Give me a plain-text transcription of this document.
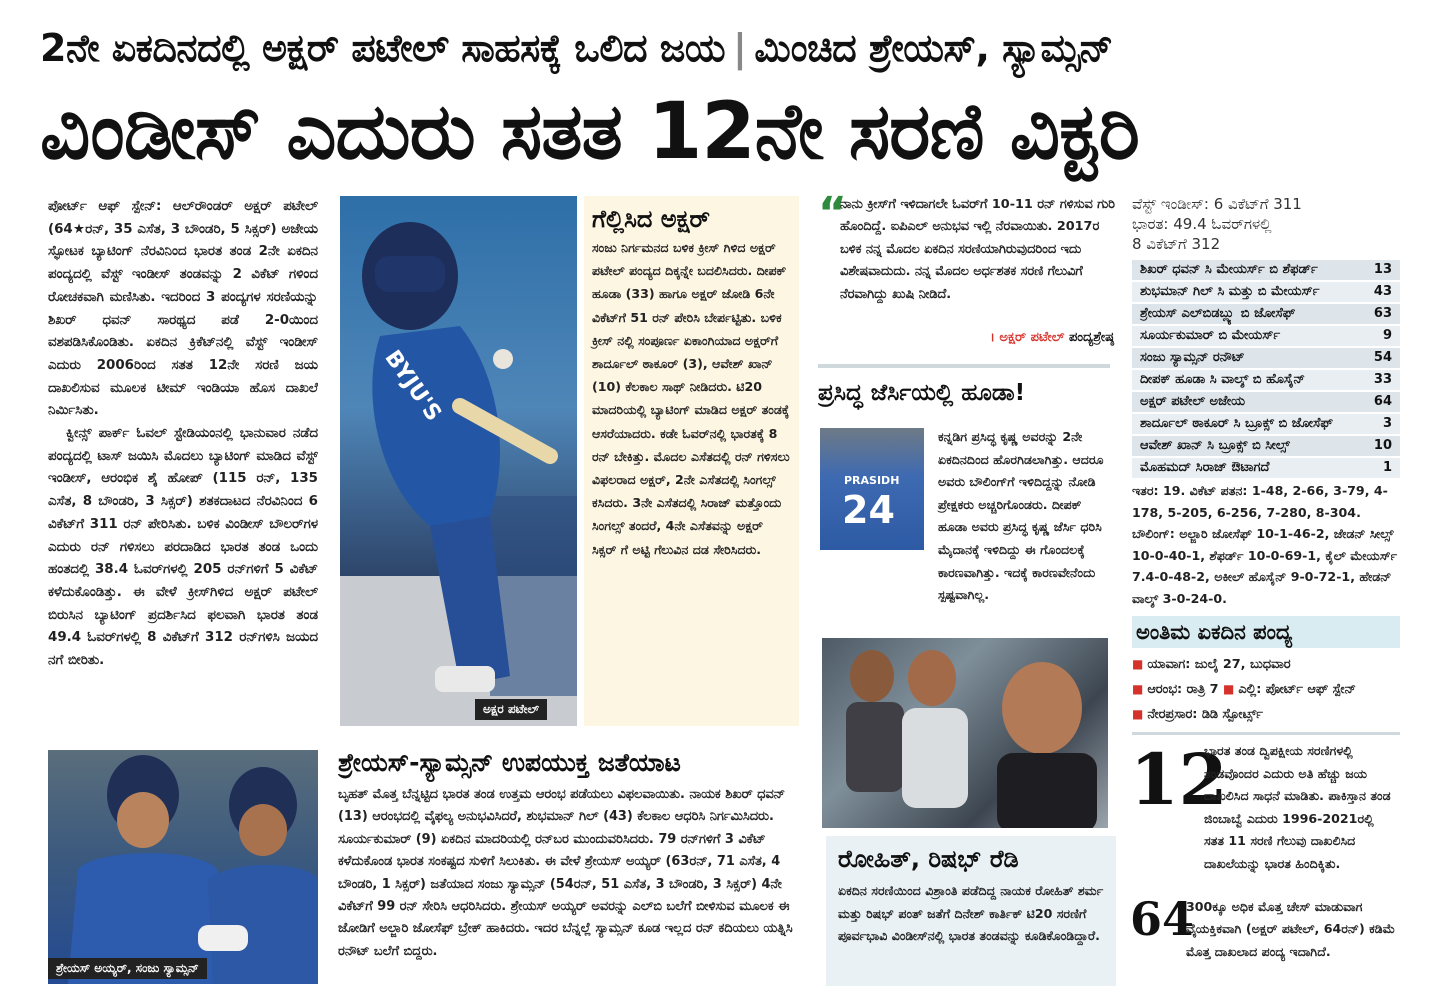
2ನೇ ಏಕದಿನದಲ್ಲಿ ಅಕ್ಷರ್ ಪಟೇಲ್ ಸಾಹಸಕ್ಕೆ ಒಲಿದ ಜಯ | ಮಿಂಚಿದ ಶ್ರೇಯಸ್, ಸ್ಯಾಮ್ಸನ್
ವಿಂಡೀಸ್ ಎದುರು ಸತತ 12ನೇ ಸರಣಿ ವಿಕ್ಟರಿ

ಪೋರ್ಟ್ ಆಫ್ ಸ್ಪೇನ್: ಆಲ್‌ರೌಂಡರ್ ಅಕ್ಷರ್ ಪಟೇಲ್ (64★ರನ್, 35 ಎಸೆತ, 3 ಬೌಂಡರಿ, 5 ಸಿಕ್ಸರ್) ಅಜೇಯ ಸ್ಫೋಟಕ ಬ್ಯಾಟಿಂಗ್ ನೆರವಿನಿಂದ ಭಾರತ ತಂಡ 2ನೇ ಏಕದಿನ ಪಂದ್ಯದಲ್ಲಿ ವೆಸ್ಟ್ ಇಂಡೀಸ್ ತಂಡವನ್ನು 2 ವಿಕೆಟ್ ಗಳಿಂದ ರೋಚಕವಾಗಿ ಮಣಿಸಿತು. ಇದರಿಂದ 3 ಪಂದ್ಯಗಳ ಸರಣಿಯನ್ನು ಶಿಖರ್ ಧವನ್ ಸಾರಥ್ಯದ ಪಡೆ 2-0ಯಿಂದ ವಶಪಡಿಸಿಕೊಂಡಿತು. ಏಕದಿನ ಕ್ರಿಕೆಟ್‌ನಲ್ಲಿ ವೆಸ್ಟ್ ಇಂಡೀಸ್ ಎದುರು 2006ರಿಂದ ಸತತ 12ನೇ ಸರಣಿ ಜಯ ದಾಖಲಿಸುವ ಮೂಲಕ ಟೀಮ್ ಇಂಡಿಯಾ ಹೊಸ ದಾಖಲೆ ನಿರ್ಮಿಸಿತು.

ಕ್ವೀನ್ಸ್ ಪಾರ್ಕ್ ಓವಲ್ ಸ್ಟೇಡಿಯಂನಲ್ಲಿ ಭಾನುವಾರ ನಡೆದ ಪಂದ್ಯದಲ್ಲಿ ಟಾಸ್ ಜಯಿಸಿ ಮೊದಲು ಬ್ಯಾಟಿಂಗ್ ಮಾಡಿದ ವೆಸ್ಟ್ ಇಂಡೀಸ್, ಆರಂಭಿಕ ಶೈ ಹೋಪ್ (115 ರನ್, 135 ಎಸೆತ, 8 ಬೌಂಡರಿ, 3 ಸಿಕ್ಸರ್) ಶತಕದಾಟದ ನೆರವಿನಿಂದ 6 ವಿಕೆಟ್‌ಗೆ 311 ರನ್ ಪೇರಿಸಿತು. ಬಳಿಕ ವಿಂಡೀಸ್ ಬೌಲರ್‌ಗಳ ಎದುರು ರನ್ ಗಳಿಸಲು ಪರದಾಡಿದ ಭಾರತ ತಂಡ ಒಂದು ಹಂತದಲ್ಲಿ 38.4 ಓವರ್‌ಗಳಲ್ಲಿ 205 ರನ್‌ಗಳಿಗೆ 5 ವಿಕೆಟ್ ಕಳೆದುಕೊಂಡಿತ್ತು. ಈ ವೇಳೆ ಕ್ರೀಸ್‌ಗಿಳಿದ ಅಕ್ಷರ್ ಪಟೇಲ್ ಬಿರುಸಿನ ಬ್ಯಾಟಿಂಗ್ ಪ್ರದರ್ಶಿಸಿದ ಫಲವಾಗಿ ಭಾರತ ತಂಡ 49.4 ಓವರ್‌ಗಳಲ್ಲಿ 8 ವಿಕೆಟ್‌ಗೆ 312 ರನ್‌ಗಳಿಸಿ ಜಯದ ನಗೆ ಬೀರಿತು.

BYJU'S
ಅಕ್ಷರ ಪಟೇಲ್
ಗೆಲ್ಲಿಸಿದ ಅಕ್ಷರ್
ಸಂಜು ನಿರ್ಗಮನದ ಬಳಿಕ ಕ್ರೀಸ್ ಗಿಳಿದ ಅಕ್ಷರ್ ಪಟೇಲ್ ಪಂದ್ಯದ ದಿಕ್ಕನ್ನೇ ಬದಲಿಸಿದರು. ದೀಪಕ್ ಹೂಡಾ (33) ಹಾಗೂ ಅಕ್ಷರ್ ಜೋಡಿ 6ನೇ ವಿಕೆಟ್‌ಗೆ 51 ರನ್ ಪೇರಿಸಿ ಬೇರ್ಪಟ್ಟಿತು. ಬಳಿಕ ಕ್ರೀಸ್ ನಲ್ಲಿ ಸಂಪೂರ್ಣ ಏಕಾಂಗಿಯಾದ ಅಕ್ಷರ್‌ಗೆ ಶಾರ್ದೂಲ್ ಠಾಕೂರ್ (3), ಆವೇಶ್ ಖಾನ್ (10) ಕೆಲಕಾಲ ಸಾಥ್ ನೀಡಿದರು. ಟಿ20 ಮಾದರಿಯಲ್ಲಿ ಬ್ಯಾಟಿಂಗ್ ಮಾಡಿದ ಅಕ್ಷರ್ ತಂಡಕ್ಕೆ ಆಸರೆಯಾದರು. ಕಡೇ ಓವರ್‌ನಲ್ಲಿ ಭಾರತಕ್ಕೆ 8 ರನ್ ಬೇಕಿತ್ತು. ಮೊದಲ ಎಸೆತದಲ್ಲಿ ರನ್ ಗಳಿಸಲು ವಿಫಲರಾದ ಅಕ್ಷರ್, 2ನೇ ಎಸೆತದಲ್ಲಿ ಸಿಂಗಲ್ಸ್ ಕಸಿದರು. 3ನೇ ಎಸೆತದಲ್ಲಿ ಸಿರಾಜ್ ಮತ್ತೊಂದು ಸಿಂಗಲ್ಸ್ ತಂದರೆ, 4ನೇ ಎಸೆತವನ್ನು ಅಕ್ಷರ್ ಸಿಕ್ಸರ್ ಗೆ ಅಟ್ಟಿ ಗೆಲುವಿನ ದಡ ಸೇರಿಸಿದರು.
“
ನಾನು ಕ್ರೀಸ್‌ಗೆ ಇಳಿದಾಗಲೇ ಓವರ್‌ಗೆ 10-11 ರನ್ ಗಳಿಸುವ ಗುರಿ ಹೊಂದಿದ್ದೆ. ಐಪಿಎಲ್ ಅನುಭವ ಇಲ್ಲಿ ನೆರವಾಯಿತು. 2017ರ ಬಳಿಕ ನನ್ನ ಮೊದಲ ಏಕದಿನ ಸರಣಿಯಾಗಿರುವುದರಿಂದ ಇದು ವಿಶೇಷವಾದುದು. ನನ್ನ ಮೊದಲ ಅರ್ಧಶತಕ ಸರಣಿ ಗೆಲುವಿಗೆ ನೆರವಾಗಿದ್ದು ಖುಷಿ ನೀಡಿದೆ.
। ಅಕ್ಷರ್ ಪಟೇಲ್ ಪಂದ್ಯಶ್ರೇಷ್ಠ
ಪ್ರಸಿದ್ಧ ಜೆರ್ಸಿಯಲ್ಲಿ ಹೂಡಾ!
PRASIDH
24
ಕನ್ನಡಿಗ ಪ್ರಸಿದ್ಧ ಕೃಷ್ಣ ಅವರನ್ನು 2ನೇ ಏಕದಿನದಿಂದ ಹೊರಗಿಡಲಾಗಿತ್ತು. ಆದರೂ ಅವರು ಬೌಲಿಂಗ್‌ಗೆ ಇಳಿದಿದ್ದನ್ನು ನೋಡಿ ಪ್ರೇಕ್ಷಕರು ಅಚ್ಚರಿಗೊಂಡರು. ದೀಪಕ್ ಹೂಡಾ ಅವರು ಪ್ರಸಿದ್ಧ ಕೃಷ್ಣ ಜೆರ್ಸಿ ಧರಿಸಿ ಮೈದಾನಕ್ಕೆ ಇಳಿದಿದ್ದು ಈ ಗೊಂದಲಕ್ಕೆ ಕಾರಣವಾಗಿತ್ತು. ಇದಕ್ಕೆ ಕಾರಣವೇನೆಂದು ಸ್ಪಷ್ಟವಾಗಿಲ್ಲ.
ರೋಹಿತ್, ರಿಷಭ್ ರೆಡಿ
ಏಕದಿನ ಸರಣಿಯಿಂದ ವಿಶ್ರಾಂತಿ ಪಡೆದಿದ್ದ ನಾಯಕ ರೋಹಿತ್ ಶರ್ಮ ಮತ್ತು ರಿಷಭ್ ಪಂತ್ ಜತೆಗೆ ದಿನೇಶ್ ಕಾರ್ತಿಕ್ ಟಿ20 ಸರಣಿಗೆ ಪೂರ್ವಭಾವಿ ವಿಂಡೀಸ್‌ನಲ್ಲಿ ಭಾರತ ತಂಡವನ್ನು ಕೂಡಿಕೊಂಡಿದ್ದಾರೆ.
ಶ್ರೇಯಸ್ ಅಯ್ಯರ್, ಸಂಜು ಸ್ಯಾಮ್ಸನ್
ಶ್ರೇಯಸ್-ಸ್ಯಾಮ್ಸನ್ ಉಪಯುಕ್ತ ಜತೆಯಾಟ
ಬೃಹತ್ ಮೊತ್ತ ಬೆನ್ನಟ್ಟಿದ ಭಾರತ ತಂಡ ಉತ್ತಮ ಆರಂಭ ಪಡೆಯಲು ವಿಫಲವಾಯಿತು. ನಾಯಕ ಶಿಖರ್ ಧವನ್ (13) ಆರಂಭದಲ್ಲಿ ವೈಫಲ್ಯ ಅನುಭವಿಸಿದರೆ, ಶುಭಮಾನ್ ಗಿಲ್ (43) ಕೆಲಕಾಲ ಆಧರಿಸಿ ನಿರ್ಗಮಿಸಿದರು. ಸೂರ್ಯಕುಮಾರ್ (9) ಏಕದಿನ ಮಾದರಿಯಲ್ಲಿ ರನ್‌ಬರ ಮುಂದುವರಿಸಿದರು. 79 ರನ್‌ಗಳಿಗೆ 3 ವಿಕೆಟ್ ಕಳೆದುಕೊಂಡ ಭಾರತ ಸಂಕಷ್ಟದ ಸುಳಿಗೆ ಸಿಲುಕಿತು. ಈ ವೇಳೆ ಶ್ರೇಯಸ್ ಅಯ್ಯರ್ (63ರನ್, 71 ಎಸೆತ, 4 ಬೌಂಡರಿ, 1 ಸಿಕ್ಸರ್) ಜತೆಯಾದ ಸಂಜು ಸ್ಯಾಮ್ಸನ್ (54ರನ್, 51 ಎಸೆತ, 3 ಬೌಂಡರಿ, 3 ಸಿಕ್ಸರ್) 4ನೇ ವಿಕೆಟ್‌ಗೆ 99 ರನ್ ಸೇರಿಸಿ ಆಧರಿಸಿದರು. ಶ್ರೇಯಸ್ ಅಯ್ಯರ್ ಅವರನ್ನು ಎಲ್‌ಬಿ ಬಲೆಗೆ ಬೀಳಿಸುವ ಮೂಲಕ ಈ ಜೋಡಿಗೆ ಅಲ್ಜಾರಿ ಜೋಸೆಫ್ ಬ್ರೇಕ್ ಹಾಕಿದರು. ಇದರ ಬೆನ್ನಲ್ಲೆ ಸ್ಯಾಮ್ಸನ್ ಕೂಡ ಇಲ್ಲದ ರನ್ ಕದಿಯಲು ಯತ್ನಿಸಿ ರನೌಟ್ ಬಲೆಗೆ ಬಿದ್ದರು.
ವೆಸ್ಟ್ ಇಂಡೀಸ್: 6 ವಿಕೆಟ್‌ಗೆ 311
ಭಾರತ: 49.4 ಓವರ್‌ಗಳಲ್ಲಿ
8 ವಿಕೆಟ್‌ಗೆ 312
ಶಿಖರ್ ಧವನ್ ಸಿ ಮೇಯರ್ಸ್ ಬಿ ಶೆಫರ್ಡ್	13
ಶುಭಮಾನ್ ಗಿಲ್ ಸಿ ಮತ್ತು ಬಿ ಮೇಯರ್ಸ್	43
ಶ್ರೇಯಸ್ ಎಲ್‌ಬಿಡಬ್ಲ್ಯು ಬಿ ಜೋಸೆಫ್	63
ಸೂರ್ಯಕುಮಾರ್ ಬಿ ಮೇಯರ್ಸ್	9
ಸಂಜು ಸ್ಯಾಮ್ಸನ್ ರನೌಟ್	54
ದೀಪಕ್ ಹೂಡಾ ಸಿ ವಾಲ್ಶ್ ಬಿ ಹೊಸೈನ್	33
ಅಕ್ಷರ್ ಪಟೇಲ್ ಅಜೇಯ	64
ಶಾರ್ದೂಲ್ ಠಾಕೂರ್ ಸಿ ಬ್ರೂಕ್ಸ್ ಬಿ ಜೋಸೆಫ್	3
ಆವೇಶ್ ಖಾನ್ ಸಿ ಬ್ರೂಕ್ಸ್ ಬಿ ಸೀಲ್ಸ್	10
ಮೊಹಮದ್ ಸಿರಾಜ್ ಔಟಾಗದೆ	1
ಇತರ: 19. ವಿಕೆಟ್ ಪತನ: 1-48, 2-66, 3-79, 4-178, 5-205, 6-256, 7-280, 8-304.
ಬೌಲಿಂಗ್: ಅಲ್ಜಾರಿ ಜೋಸೆಫ್ 10-1-46-2, ಜೇಡನ್ ಸೀಲ್ಸ್ 10-0-40-1, ಶೆಫರ್ಡ್ 10-0-69-1, ಕೈಲ್ ಮೇಯರ್ಸ್ 7.4-0-48-2, ಅಕೀಲ್ ಹೊಸೈನ್ 9-0-72-1, ಹೇಡನ್ ವಾಲ್ಶ್ 3-0-24-0.
ಅಂತಿಮ ಏಕದಿನ ಪಂದ್ಯ
■ ಯಾವಾಗ: ಜುಲೈ 27, ಬುಧವಾರ
■ ಆರಂಭ: ರಾತ್ರಿ 7 ■ ಎಲ್ಲಿ: ಪೋರ್ಟ್ ಆಫ್ ಸ್ಪೇನ್ ■ ನೇರಪ್ರಸಾರ: ಡಿಡಿ ಸ್ಪೋರ್ಟ್ಸ್
12
ಭಾರತ ತಂಡ ದ್ವಿಪಕ್ಷೀಯ ಸರಣಿಗಳಲ್ಲಿ ತಂಡವೊಂದರ ಎದುರು ಅತಿ ಹೆಚ್ಚು ಜಯ ದಾಖಲಿಸಿದ ಸಾಧನೆ ಮಾಡಿತು. ಪಾಕಿಸ್ತಾನ ತಂಡ ಜಿಂಬಾಬ್ವೆ ಎದುರು 1996-2021ರಲ್ಲಿ ಸತತ 11 ಸರಣಿ ಗೆಲುವು ದಾಖಲಿಸಿದ ದಾಖಲೆಯನ್ನು ಭಾರತ ಹಿಂದಿಕ್ಕಿತು.
64
300ಕ್ಕೂ ಅಧಿಕ ಮೊತ್ತ ಚೇಸ್ ಮಾಡುವಾಗ ವೈಯಕ್ತಿಕವಾಗಿ (ಅಕ್ಷರ್ ಪಟೇಲ್, 64ರನ್) ಕಡಿಮೆ ಮೊತ್ತ ದಾಖಲಾದ ಪಂದ್ಯ ಇದಾಗಿದೆ.
